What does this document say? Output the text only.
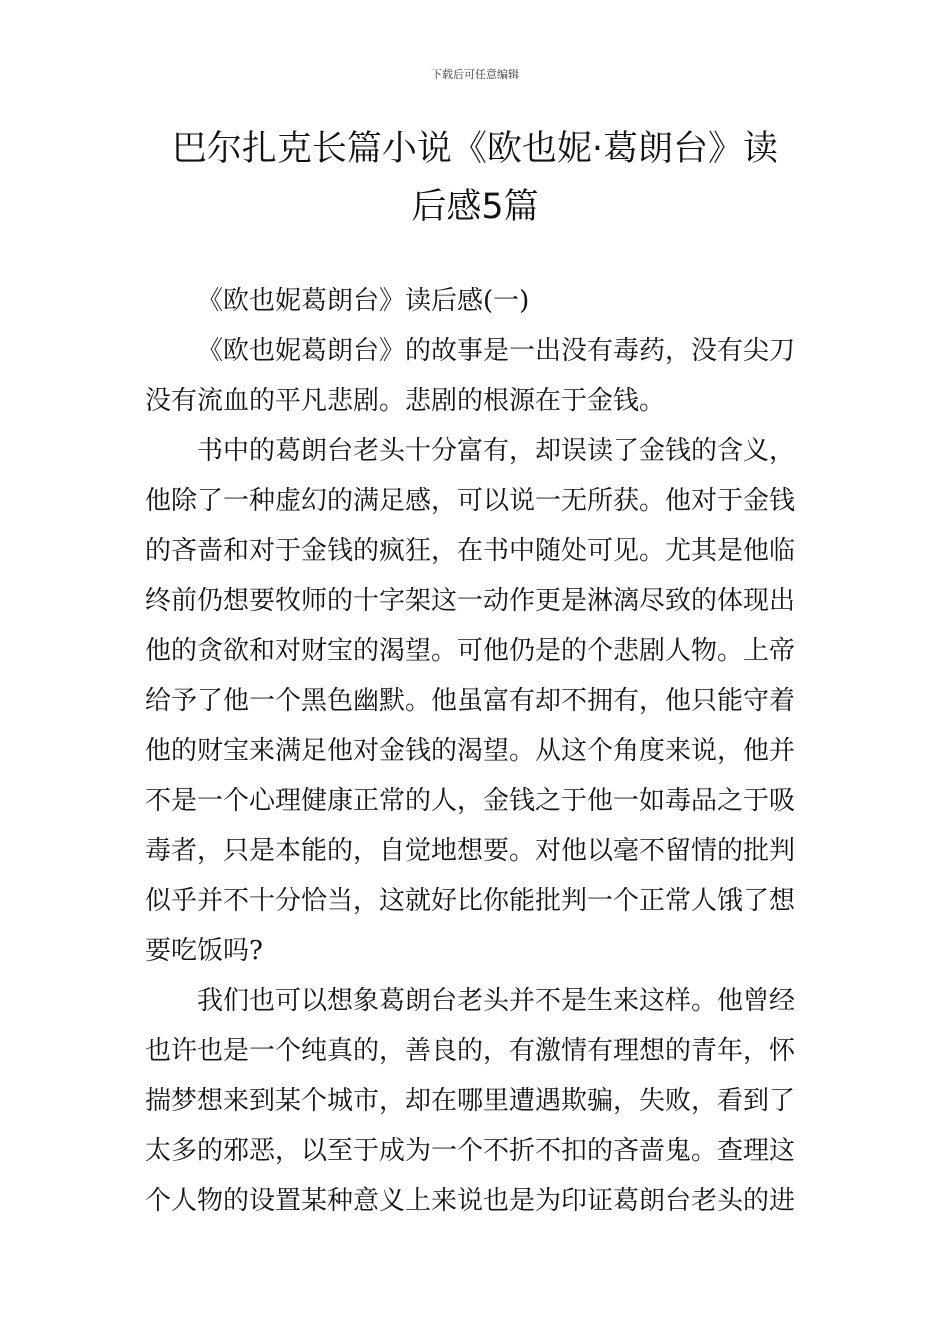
下载后可任意编辑
巴尔扎克长篇小说《欧也妮·葛朗台》读
后感5篇
《欧也妮葛朗台》读后感(一)
《欧也妮葛朗台》的故事是一出没有毒药，没有尖刀
没有流血的平凡悲剧。悲剧的根源在于金钱。
书中的葛朗台老头十分富有，却误读了金钱的含义，
他除了一种虚幻的满足感，可以说一无所获。他对于金钱
的吝啬和对于金钱的疯狂，在书中随处可见。尤其是他临
终前仍想要牧师的十字架这一动作更是淋漓尽致的体现出
他的贪欲和对财宝的渴望。可他仍是的个悲剧人物。上帝
给予了他一个黑色幽默。他虽富有却不拥有，他只能守着
他的财宝来满足他对金钱的渴望。从这个角度来说，他并
不是一个心理健康正常的人，金钱之于他一如毒品之于吸
毒者，只是本能的，自觉地想要。对他以毫不留情的批判
似乎并不十分恰当，这就好比你能批判一个正常人饿了想
要吃饭吗?
我们也可以想象葛朗台老头并不是生来这样。他曾经
也许也是一个纯真的，善良的，有激情有理想的青年，怀
揣梦想来到某个城市，却在哪里遭遇欺骗，失败，看到了
太多的邪恶，以至于成为一个不折不扣的吝啬鬼。查理这
个人物的设置某种意义上来说也是为印证葛朗台老头的进
